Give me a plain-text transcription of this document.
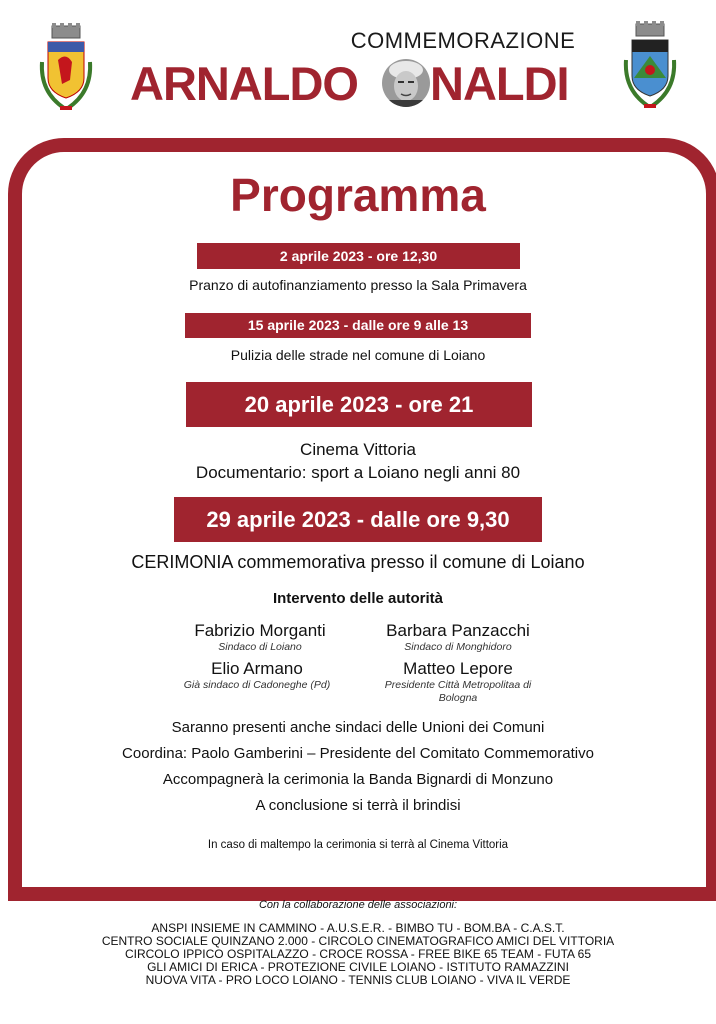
COMMEMORAZIONE
ARNALDO NALDI
Programma
2 aprile 2023 - ore 12,30
Pranzo di autofinanziamento presso la Sala Primavera
15 aprile 2023 - dalle ore 9 alle 13
Pulizia delle strade nel comune di Loiano
20 aprile 2023 - ore 21
Cinema Vittoria
Documentario: sport a Loiano negli anni 80
29 aprile 2023 - dalle ore 9,30
CERIMONIA commemorativa presso il comune di Loiano
Intervento delle autorità
Fabrizio Morganti
Sindaco di Loiano
Barbara Panzacchi
Sindaco di Monghidoro
Elio Armano
Già sindaco di Cadoneghe (Pd)
Matteo Lepore
Presidente Città Metropolitaa di Bologna
Saranno presenti anche sindaci delle Unioni dei Comuni
Coordina: Paolo Gamberini – Presidente del Comitato Commemorativo
Accompagnerà la cerimonia la Banda Bignardi di Monzuno
A conclusione si terrà il brindisi
In caso di maltempo la cerimonia si terrà al Cinema Vittoria
Con la collaborazione delle associazioni:
ANSPI INSIEME IN CAMMINO - A.U.S.E.R. - BIMBO TU - BOM.BA - C.A.S.T.
CENTRO SOCIALE QUINZANO 2.000 - CIRCOLO CINEMATOGRAFICO AMICI DEL VITTORIA
CIRCOLO IPPICO OSPITALAZZO - CROCE ROSSA - FREE BIKE 65 TEAM - FUTA 65
GLI AMICI DI ERICA - PROTEZIONE CIVILE LOIANO - ISTITUTO RAMAZZINI
NUOVA VITA - PRO LOCO LOIANO - TENNIS CLUB LOIANO - VIVA IL VERDE
